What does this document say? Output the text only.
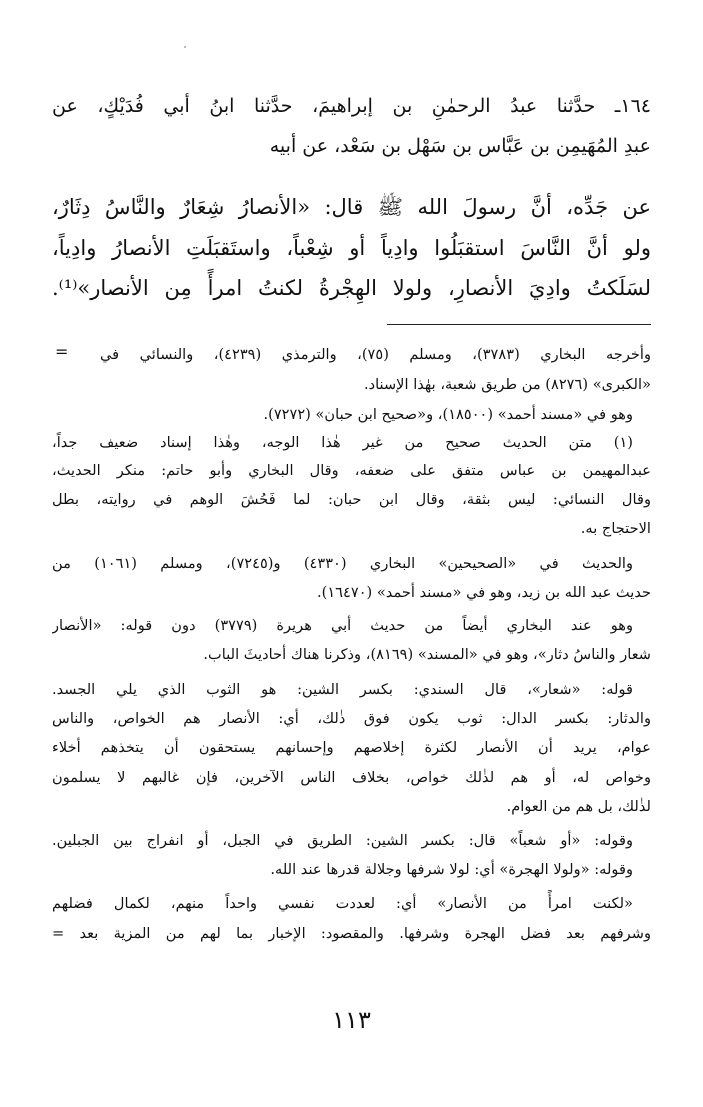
١٦٤ـ حدَّثنا عبدُ الرحمٰنِ بن إبراهيمَ، حدَّثنا ابنُ أبي فُدَيْكٍ، عن
عبدِ المُهَيمِن بن عَبَّاس بن سَهْل بن سَعْد، عن أبيه
عن جَدِّه، أنَّ رسولَ الله ﷺ قال: «الأنصارُ شِعَارٌ والنَّاسُ دِثَارٌ،
ولو أنَّ النَّاسَ استقبَلُوا وادِياً أو شِعْباً، واستَقبَلَتِ الأنصارُ وادِياً،
لسَلَكتُ وادِيَ الأنصارِ، ولولا الهِجْرةُ لكنتُ امرأً مِن الأنصار»⁽¹⁾.
= وأخرجه البخاري (٣٧٨٣)، ومسلم (٧٥)، والترمذي (٤٢٣٩)، والنسائي في
«الكبرى» (٨٢٧٦) من طريق شعبة، بهٰذا الإسناد.
وهو في «مسند أحمد» (١٨٥٠٠)، و«صحيح ابن حبان» (٧٢٧٢).
(١) متن الحديث صحيح من غير هٰذا الوجه، وهٰذا إسناد ضعيف جداً،
عبدالمهيمن بن عباس متفق على ضعفه، وقال البخاري وأبو حاتم: منكر الحديث،
وقال النسائي: ليس بثقة، وقال ابن حبان: لما فَحُشَ الوهم في روايته، بطل
الاحتجاج به.
والحديث في «الصحيحين» البخاري (٤٣٣٠) و(٧٢٤٥)، ومسلم (١٠٦١) من
حديث عبد الله بن زيد، وهو في «مسند أحمد» (١٦٤٧٠).
وهو عند البخاري أيضاً من حديث أبي هريرة (٣٧٧٩) دون قوله: «الأنصار
شعار والناسُ دثار»، وهو في «المسند» (٨١٦٩)، وذكرنا هناك أحاديثَ الباب.
قوله: «شعار»، قال السندي: بكسر الشين: هو الثوب الذي يلي الجسد.
والدثار: بكسر الدال: ثوب يكون فوق ذٰلك، أي: الأنصار هم الخواص، والناس
عوام، يريد أن الأنصار لكثرة إخلاصهم وإحسانهم يستحقون أن يتخذهم أخلاء
وخواص له، أو هم لذٰلك خواص، بخلاف الناس الآخرين، فإن غالبهم لا يسلمون
لذٰلك، بل هم من العوام.
وقوله: «أو شعباً» قال: بكسر الشين: الطريق في الجبل، أو انفراج بين الجبلين.
وقوله: «ولولا الهجرة» أي: لولا شرفها وجلالة قدرها عند الله.
«لكنت امرأً من الأنصار» أي: لعددت نفسي واحداً منهم، لكمال فضلهم
وشرفهم بعد فضل الهجرة وشرفها. والمقصود: الإخبار بما لهم من المزية بعد =
١١٣
